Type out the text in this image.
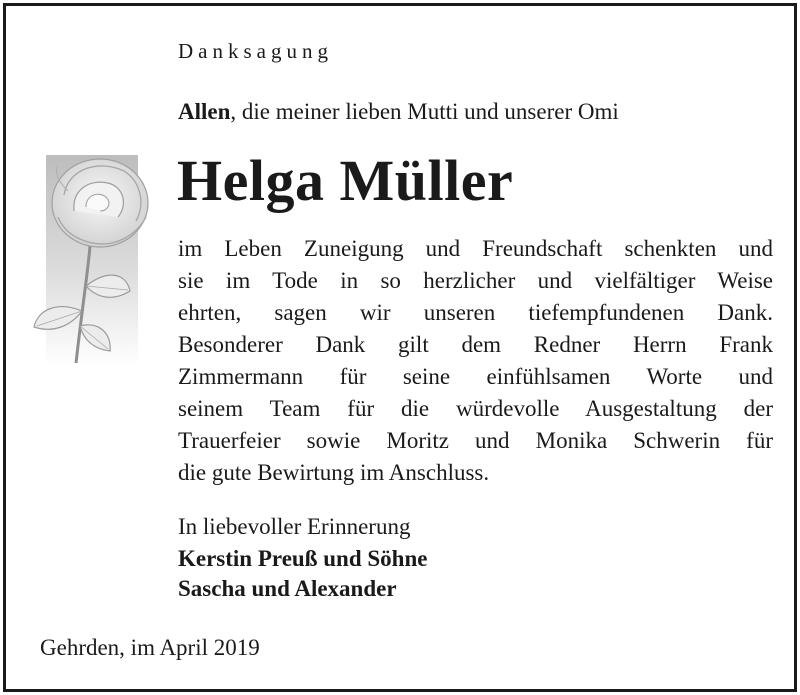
Danksagung
Allen, die meiner lieben Mutti und unserer Omi
Helga Müller
im Leben Zuneigung und Freundschaft schenkten und
sie im Tode in so herzlicher und vielfältiger Weise
ehrten, sagen wir unseren tiefempfundenen Dank.
Besonderer Dank gilt dem Redner Herrn Frank
Zimmermann für seine einfühlsamen Worte und
seinem Team für die würdevolle Ausgestaltung der
Trauerfeier sowie Moritz und Monika Schwerin für
die gute Bewirtung im Anschluss.
In liebevoller Erinnerung
Kerstin Preuß und Söhne
Sascha und Alexander
Gehrden, im April 2019
